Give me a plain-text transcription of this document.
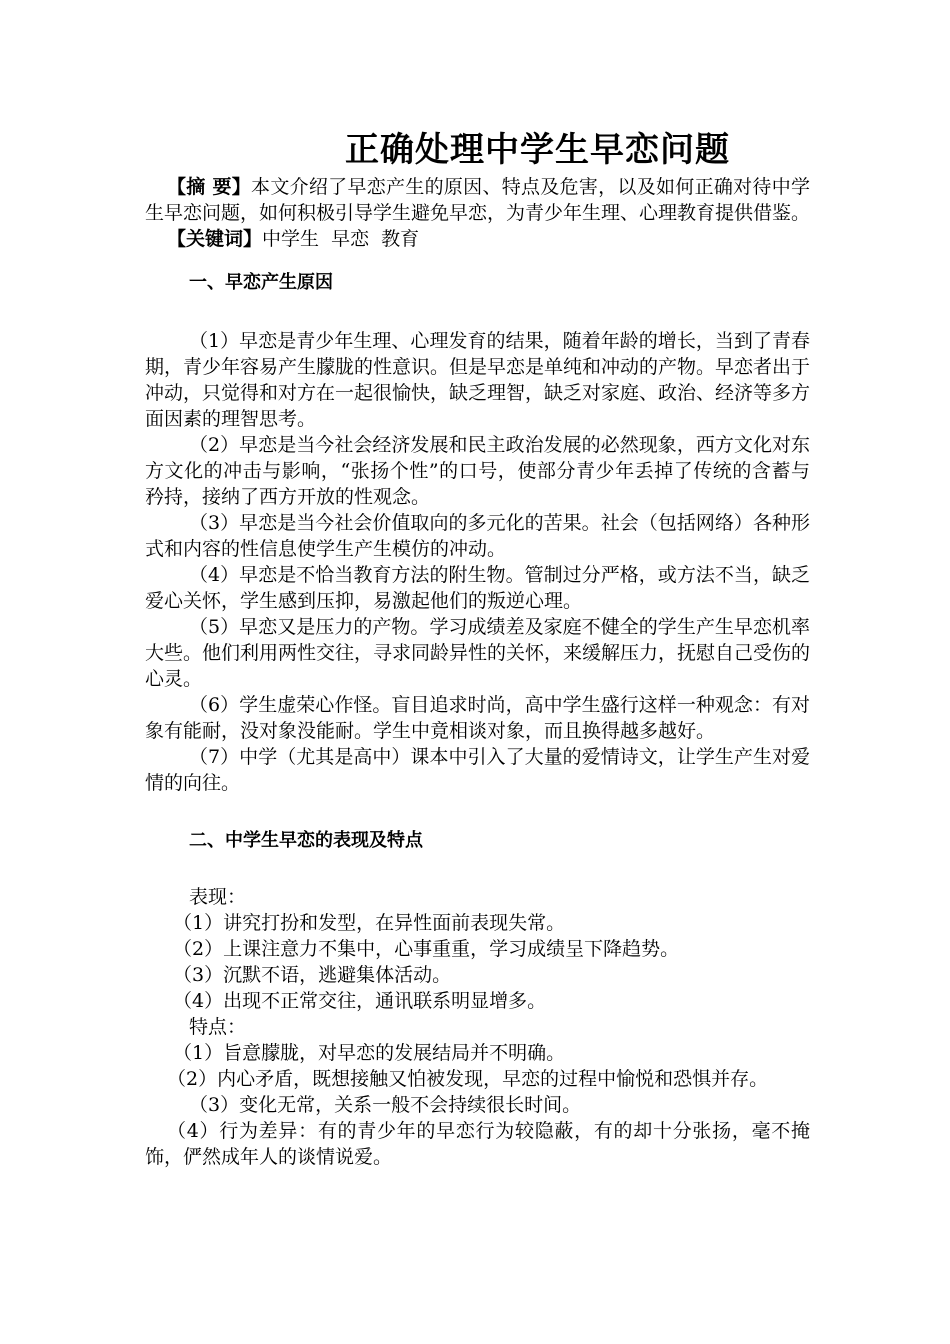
正确处理中学生早恋问题

【摘 要】本文介绍了早恋产生的原因、特点及危害，以及如何正确对待中学生早恋问题，如何积极引导学生避免早恋，为青少年生理、心理教育提供借鉴。

【关键词】中学生  早恋  教育

一、早恋产生原因

（1）早恋是青少年生理、心理发育的结果，随着年龄的增长，当到了青春期，青少年容易产生朦胧的性意识。但是早恋是单纯和冲动的产物。早恋者出于冲动，只觉得和对方在一起很愉快，缺乏理智，缺乏对家庭、政治、经济等多方面因素的理智思考。

（2）早恋是当今社会经济发展和民主政治发展的必然现象，西方文化对东方文化的冲击与影响，“张扬个性”的口号，使部分青少年丢掉了传统的含蓄与矜持，接纳了西方开放的性观念。

（3）早恋是当今社会价值取向的多元化的苦果。社会（包括网络）各种形式和内容的性信息使学生产生模仿的冲动。

（4）早恋是不恰当教育方法的附生物。管制过分严格，或方法不当，缺乏爱心关怀，学生感到压抑，易激起他们的叛逆心理。

（5）早恋又是压力的产物。学习成绩差及家庭不健全的学生产生早恋机率大些。他们利用两性交往，寻求同龄异性的关怀，来缓解压力，抚慰自己受伤的心灵。

（6）学生虚荣心作怪。盲目追求时尚，高中学生盛行这样一种观念：有对象有能耐，没对象没能耐。学生中竟相谈对象，而且换得越多越好。

（7）中学（尤其是高中）课本中引入了大量的爱情诗文，让学生产生对爱情的向往。

二、中学生早恋的表现及特点

表现：

（1）讲究打扮和发型，在异性面前表现失常。

（2）上课注意力不集中，心事重重，学习成绩呈下降趋势。

（3）沉默不语，逃避集体活动。

（4）出现不正常交往，通讯联系明显增多。

特点：

（1）旨意朦胧，对早恋的发展结局并不明确。

（2）内心矛盾，既想接触又怕被发现，早恋的过程中愉悦和恐惧并存。

（3）变化无常，关系一般不会持续很长时间。

（4）行为差异：有的青少年的早恋行为较隐蔽，有的却十分张扬，毫不掩饰，俨然成年人的谈情说爱。
